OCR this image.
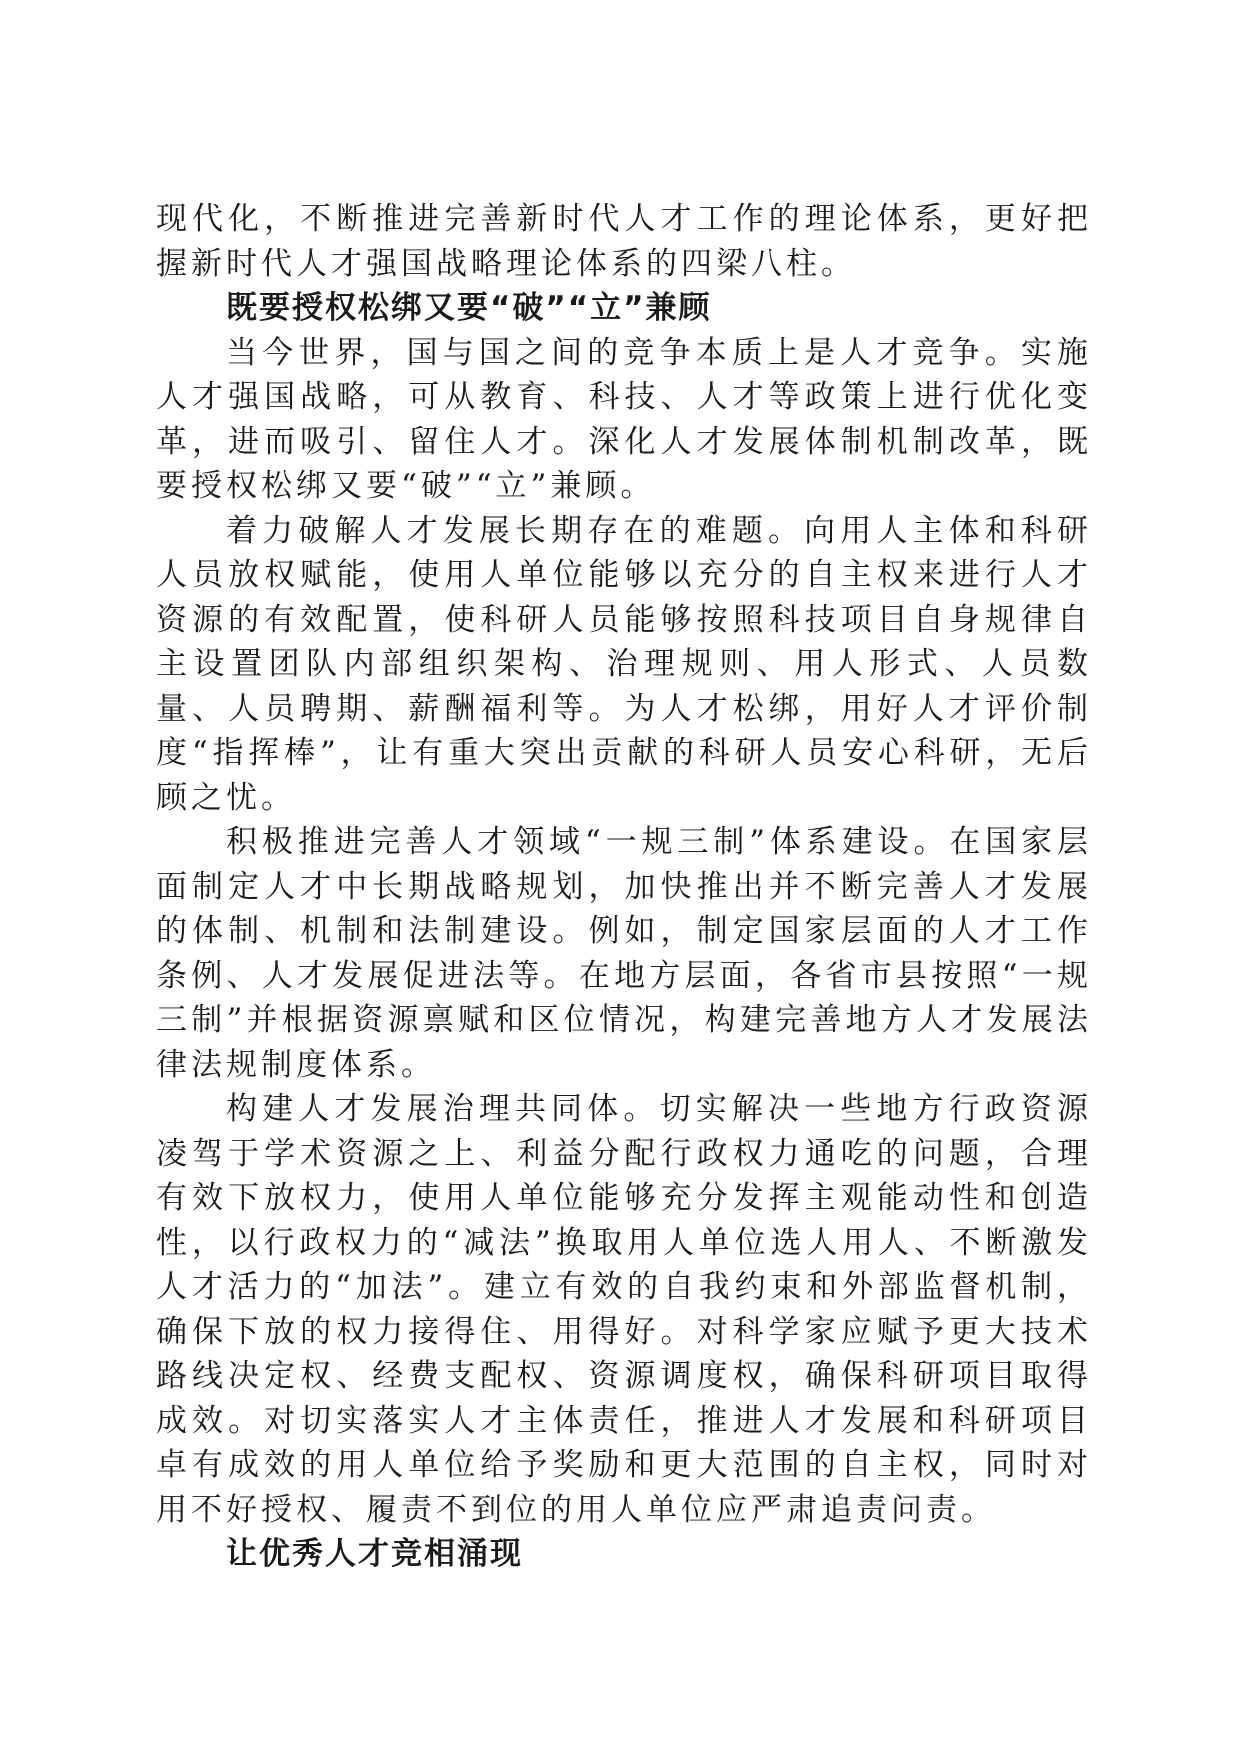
现代化，不断推进完善新时代人才工作的理论体系，更好把握新时代人才强国战略理论体系的四梁八柱。

既要授权松绑又要“破”“立”兼顾

当今世界，国与国之间的竞争本质上是人才竞争。实施人才强国战略，可从教育、科技、人才等政策上进行优化变革，进而吸引、留住人才。深化人才发展体制机制改革，既要授权松绑又要“破”“立”兼顾。

着力破解人才发展长期存在的难题。向用人主体和科研人员放权赋能，使用人单位能够以充分的自主权来进行人才资源的有效配置，使科研人员能够按照科技项目自身规律自主设置团队内部组织架构、治理规则、用人形式、人员数量、人员聘期、薪酬福利等。为人才松绑，用好人才评价制度“指挥棒”，让有重大突出贡献的科研人员安心科研，无后顾之忧。

积极推进完善人才领域“一规三制”体系建设。在国家层面制定人才中长期战略规划，加快推出并不断完善人才发展的体制、机制和法制建设。例如，制定国家层面的人才工作条例、人才发展促进法等。在地方层面，各省市县按照“一规三制”并根据资源禀赋和区位情况，构建完善地方人才发展法律法规制度体系。

构建人才发展治理共同体。切实解决一些地方行政资源凌驾于学术资源之上、利益分配行政权力通吃的问题，合理有效下放权力，使用人单位能够充分发挥主观能动性和创造性，以行政权力的“减法”换取用人单位选人用人、不断激发人才活力的“加法”。建立有效的自我约束和外部监督机制，确保下放的权力接得住、用得好。对科学家应赋予更大技术路线决定权、经费支配权、资源调度权，确保科研项目取得成效。对切实落实人才主体责任，推进人才发展和科研项目卓有成效的用人单位给予奖励和更大范围的自主权，同时对用不好授权、履责不到位的用人单位应严肃追责问责。

让优秀人才竞相涌现
